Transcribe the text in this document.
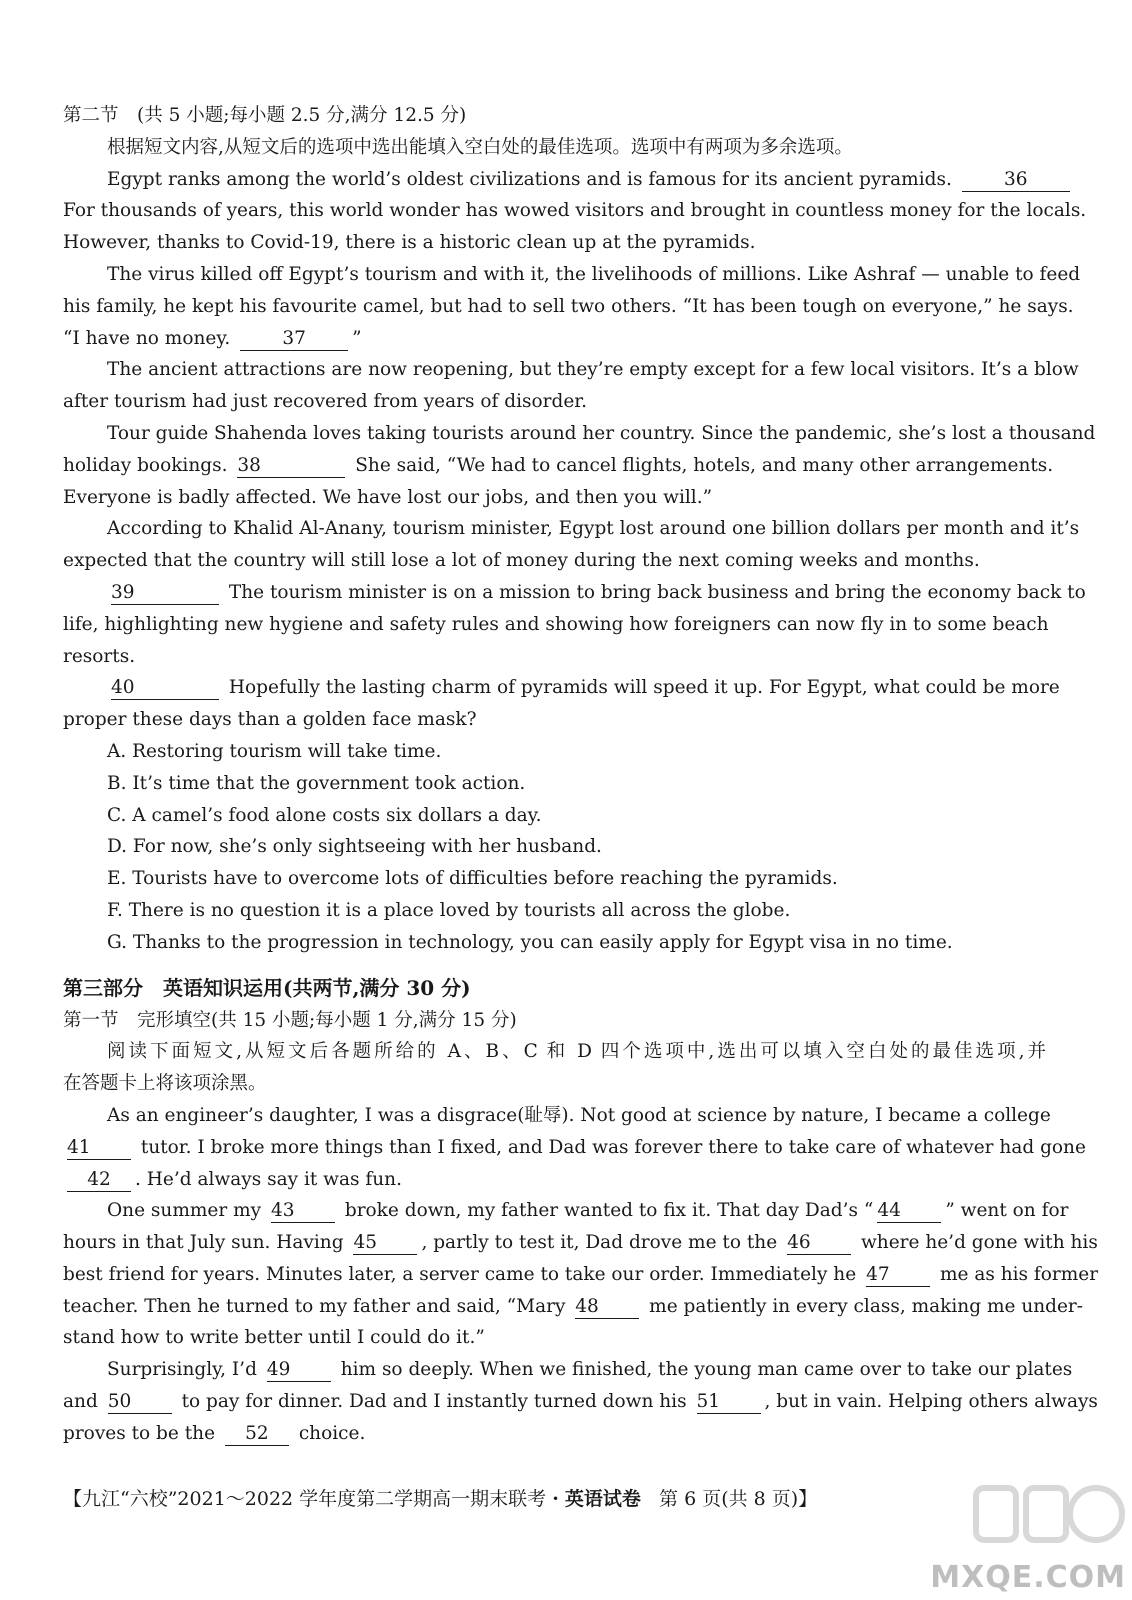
第二节　(共 5 小题;每小题 2.5 分,满分 12.5 分)
根据短文内容,从短文后的选项中选出能填入空白处的最佳选项。选项中有两项为多余选项。
Egypt ranks among the world’s oldest civilizations and is famous for its ancient pyramids.	36
For thousands of years, this world wonder has wowed visitors and brought in countless money for the locals.
However, thanks to Covid-19, there is a historic clean up at the pyramids.
The virus killed off Egypt’s tourism and with it, the livelihoods of millions. Like Ashraf — unable to feed
his family, he kept his favourite camel, but had to sell two others. “It has been tough on everyone,” he says.
“I have no money.	37 ”
The ancient attractions are now reopening, but they’re empty except for a few local visitors. It’s a blow
after tourism had just recovered from years of disorder.
Tour guide Shahenda loves taking tourists around her country. Since the pandemic, she’s lost a thousand
holiday bookings. 38	She said, “We had to cancel flights, hotels, and many other arrangements.
Everyone is badly affected. We have lost our jobs, and then you will.”
According to Khalid Al-Anany, tourism minister, Egypt lost around one billion dollars per month and it’s
expected that the country will still lose a lot of money during the next coming weeks and months.
39	The tourism minister is on a mission to bring back business and bring the economy back to
life, highlighting new hygiene and safety rules and showing how foreigners can now fly in to some beach
resorts.
40	Hopefully the lasting charm of pyramids will speed it up. For Egypt, what could be more
proper these days than a golden face mask?
A. Restoring tourism will take time.
B. It’s time that the government took action.
C. A camel’s food alone costs six dollars a day.
D. For now, she’s only sightseeing with her husband.
E. Tourists have to overcome lots of difficulties before reaching the pyramids.
F. There is no question it is a place loved by tourists all across the globe.
G. Thanks to the progression in technology, you can easily apply for Egypt visa in no time.
第三部分　英语知识运用(共两节,满分 30 分)
第一节　完形填空(共 15 小题;每小题 1 分,满分 15 分)
阅读下面短文,从短文后各题所给的 A、B、C 和 D 四个选项中,选出可以填入空白处的最佳选项,并
在答题卡上将该项涂黑。
As an engineer’s daughter, I was a disgrace(耻辱). Not good at science by nature, I became a college
41	tutor. I broke more things than I fixed, and Dad was forever there to take care of whatever had gone
42 . He’d always say it was fun.
One summer my 43	broke down, my father wanted to fix it. That day Dad’s “ 44 ” went on for
hours in that July sun. Having 45 , partly to test it, Dad drove me to the 46	where he’d gone with his
best friend for years. Minutes later, a server came to take our order. Immediately he 47	me as his former
teacher. Then he turned to my father and said, “Mary 48	me patiently in every class, making me under-
stand how to write better until I could do it.”
Surprisingly, I’d 49	him so deeply. When we finished, the young man came over to take our plates
and 50	to pay for dinner. Dad and I instantly turned down his 51 , but in vain. Helping others always
proves to be the 52 choice.
【九江“六校”2021～2022 学年度第二学期高一期末联考 · 英语试卷 第 6 页(共 8 页)】
MXQE.COM
